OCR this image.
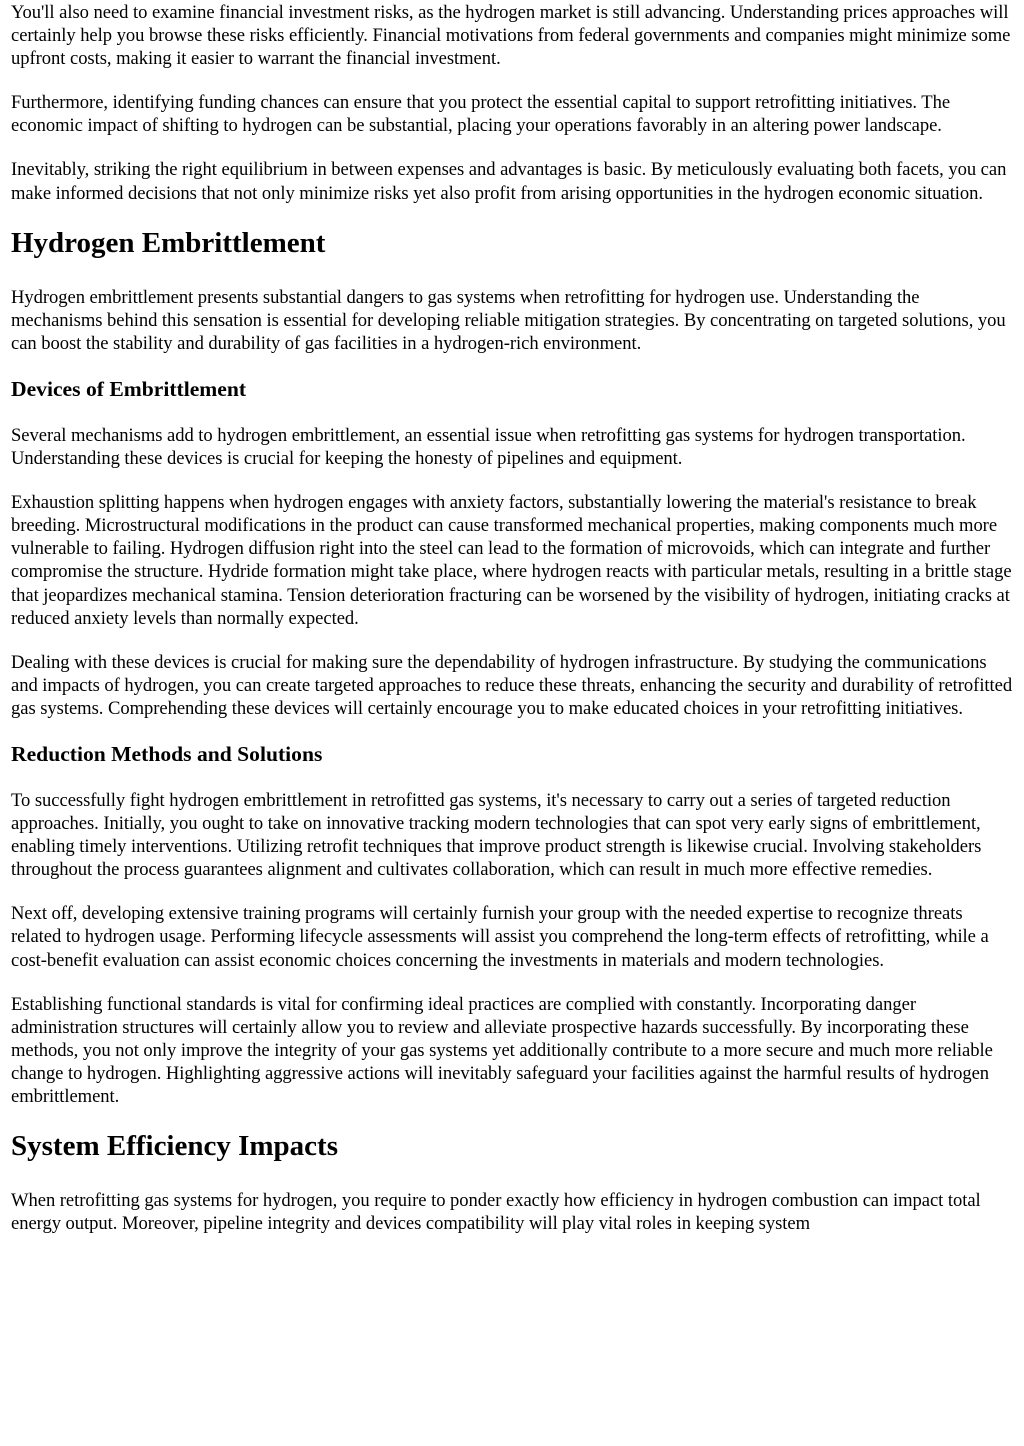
You'll also need to examine financial investment risks, as the hydrogen market is still advancing. Understanding prices approaches will certainly help you browse these risks efficiently. Financial motivations from federal governments and companies might minimize some upfront costs, making it easier to warrant the financial investment.

Furthermore, identifying funding chances can ensure that you protect the essential capital to support retrofitting initiatives. The economic impact of shifting to hydrogen can be substantial, placing your operations favorably in an altering power landscape.

Inevitably, striking the right equilibrium in between expenses and advantages is basic. By meticulously evaluating both facets, you can make informed decisions that not only minimize risks yet also profit from arising opportunities in the hydrogen economic situation.

Hydrogen Embrittlement

Hydrogen embrittlement presents substantial dangers to gas systems when retrofitting for hydrogen use. Understanding the mechanisms behind this sensation is essential for developing reliable mitigation strategies. By concentrating on targeted solutions, you can boost the stability and durability of gas facilities in a hydrogen-rich environment.

Devices of Embrittlement

Several mechanisms add to hydrogen embrittlement, an essential issue when retrofitting gas systems for hydrogen transportation. Understanding these devices is crucial for keeping the honesty of pipelines and equipment.

Exhaustion splitting happens when hydrogen engages with anxiety factors, substantially lowering the material's resistance to break breeding. Microstructural modifications in the product can cause transformed mechanical properties, making components much more vulnerable to failing. Hydrogen diffusion right into the steel can lead to the formation of microvoids, which can integrate and further compromise the structure. Hydride formation might take place, where hydrogen reacts with particular metals, resulting in a brittle stage that jeopardizes mechanical stamina. Tension deterioration fracturing can be worsened by the visibility of hydrogen, initiating cracks at reduced anxiety levels than normally expected.

Dealing with these devices is crucial for making sure the dependability of hydrogen infrastructure. By studying the communications and impacts of hydrogen, you can create targeted approaches to reduce these threats, enhancing the security and durability of retrofitted gas systems. Comprehending these devices will certainly encourage you to make educated choices in your retrofitting initiatives.

Reduction Methods and Solutions

To successfully fight hydrogen embrittlement in retrofitted gas systems, it's necessary to carry out a series of targeted reduction approaches. Initially, you ought to take on innovative tracking modern technologies that can spot very early signs of embrittlement, enabling timely interventions. Utilizing retrofit techniques that improve product strength is likewise crucial. Involving stakeholders throughout the process guarantees alignment and cultivates collaboration, which can result in much more effective remedies.

Next off, developing extensive training programs will certainly furnish your group with the needed expertise to recognize threats related to hydrogen usage. Performing lifecycle assessments will assist you comprehend the long-term effects of retrofitting, while a cost-benefit evaluation can assist economic choices concerning the investments in materials and modern technologies.

Establishing functional standards is vital for confirming ideal practices are complied with constantly. Incorporating danger administration structures will certainly allow you to review and alleviate prospective hazards successfully. By incorporating these methods, you not only improve the integrity of your gas systems yet additionally contribute to a more secure and much more reliable change to hydrogen. Highlighting aggressive actions will inevitably safeguard your facilities against the harmful results of hydrogen embrittlement.

System Efficiency Impacts

When retrofitting gas systems for hydrogen, you require to ponder exactly how efficiency in hydrogen combustion can impact total energy output. Moreover, pipeline integrity and devices compatibility will play vital roles in keeping system
